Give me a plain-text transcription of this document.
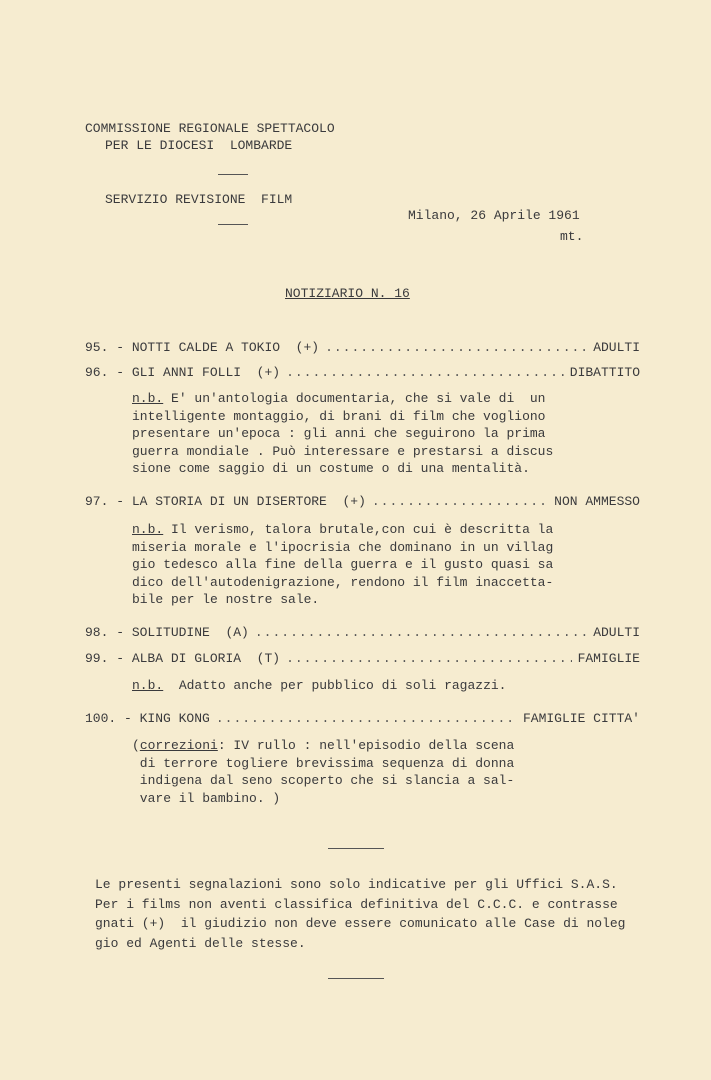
COMMISSIONE REGIONALE SPETTACOLO
PER LE DIOCESI  LOMBARDE
SERVIZIO REVISIONE  FILM
Milano, 26 Aprile 1961
mt.
NOTIZIARIO N. 16
95. -
NOTTI CALDE A TOKIO  (+) .....	ADULTI
96. -
GLI ANNI FOLLI  (+) .....	DIBATTITO
n.b. E' un'antologia documentaria, che si vale di  un
intelligente montaggio, di brani di film che vogliono
presentare un'epoca : gli anni che seguirono la prima
guerra mondiale . Può interessare e prestarsi a discus
sione come saggio di un costume o di una mentalità.
97. -
LA STORIA DI UN DISERTORE  (+) .....	NON AMMESSO
n.b. Il verismo, talora brutale,con cui è descritta la
miseria morale e l'ipocrisia che dominano in un villag
gio tedesco alla fine della guerra e il gusto quasi sa
dico dell'autodenigrazione, rendono il film inaccetta-
bile per le nostre sale.
98. -
SOLITUDINE  (A) .....	ADULTI
99. -
ALBA DI GLORIA  (T) .....	FAMIGLIE
n.b.  Adatto anche per pubblico di soli ragazzi.
100. -
KING KONG .....	FAMIGLIE CITTA'
(correzioni: IV rullo : nell'episodio della scena
di terrore togliere brevissima sequenza di donna
indigena dal seno scoperto che si slancia a sal-
vare il bambino. )
Le presenti segnalazioni sono solo indicative per gli Uffici S.A.S.
Per i films non aventi classifica definitiva del C.C.C. e contrasse
gnati (+)  il giudizio non deve essere comunicato alle Case di noleg
gio ed Agenti delle stesse.
